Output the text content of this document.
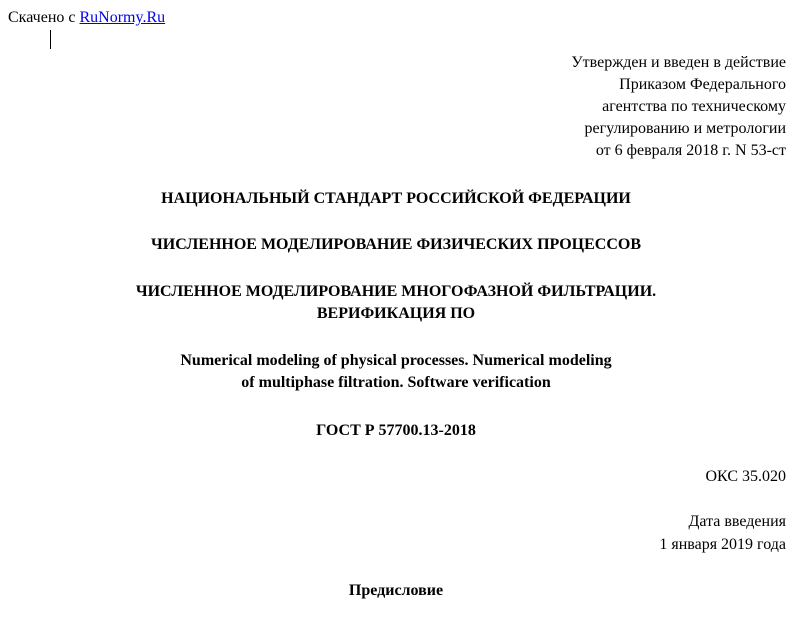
Скачено с RuNormy.Ru
Утвержден и введен в действие
Приказом Федерального
агентства по техническому
регулированию и метрологии
от 6 февраля 2018 г. N 53-ст
НАЦИОНАЛЬНЫЙ СТАНДАРТ РОССИЙСКОЙ ФЕДЕРАЦИИ
ЧИСЛЕННОЕ МОДЕЛИРОВАНИЕ ФИЗИЧЕСКИХ ПРОЦЕССОВ
ЧИСЛЕННОЕ МОДЕЛИРОВАНИЕ МНОГОФАЗНОЙ ФИЛЬТРАЦИИ.
ВЕРИФИКАЦИЯ ПО
Numerical modeling of physical processes. Numerical modeling
of multiphase filtration. Software verification
ГОСТ Р 57700.13-2018
ОКС 35.020
Дата введения
1 января 2019 года
Предисловие
